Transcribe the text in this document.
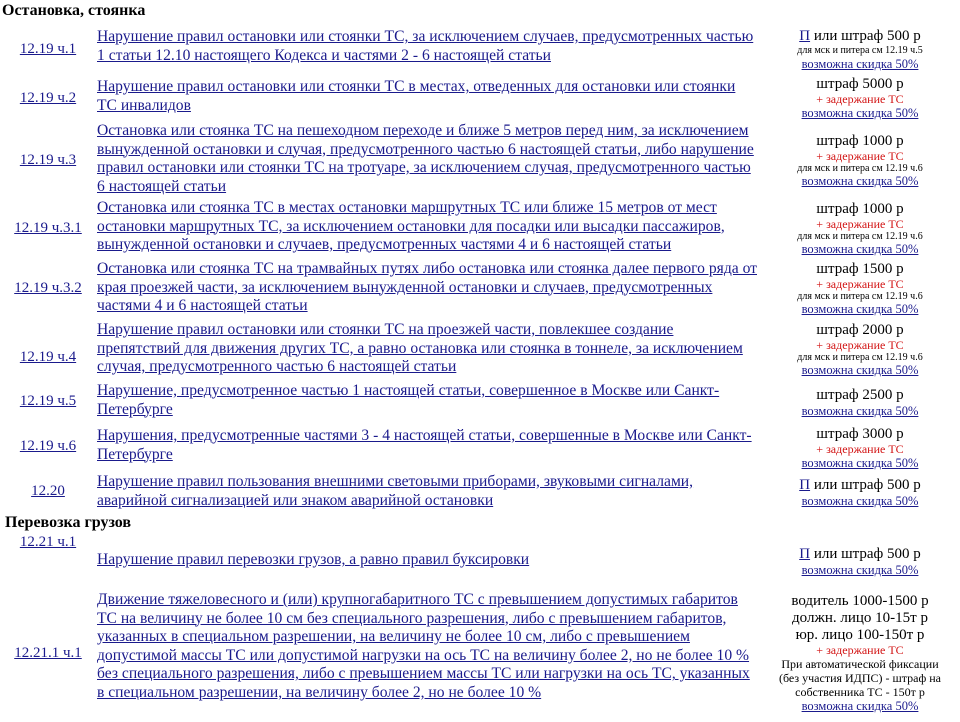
Остановка, стоянка
12.19 ч.1
Нарушение правил остановки или стоянки ТС, за исключением случаев, предусмотренных частью 1 статьи 12.10 настоящего Кодекса и частями 2 - 6 настоящей статьи
П или штраф 500 р
для мск и питера см 12.19 ч.5
возможна скидка 50%
12.19 ч.2
Нарушение правил остановки или стоянки ТС в местах, отведенных для остановки или стоянки ТС инвалидов
штраф 5000 р
+ задержание ТС
возможна скидка 50%
12.19 ч.3
Остановка или стоянка ТС на пешеходном переходе и ближе 5 метров перед ним, за исключением вынужденной остановки и случая, предусмотренного частью 6 настоящей статьи, либо нарушение правил остановки или стоянки ТС на тротуаре, за исключением случая, предусмотренного частью 6 настоящей статьи
штраф 1000 р
+ задержание ТС
для мск и питера см 12.19 ч.6
возможна скидка 50%
12.19 ч.3.1
Остановка или стоянка ТС в местах остановки маршрутных ТС или ближе 15 метров от мест остановки маршрутных ТС, за исключением остановки для посадки или высадки пассажиров, вынужденной остановки и случаев, предусмотренных частями 4 и 6 настоящей статьи
штраф 1000 р
+ задержание ТС
для мск и питера см 12.19 ч.6
возможна скидка 50%
12.19 ч.3.2
Остановка или стоянка ТС на трамвайных путях либо остановка или стоянка далее первого ряда от края проезжей части, за исключением вынужденной остановки и случаев, предусмотренных частями 4 и 6 настоящей статьи
штраф 1500 р
+ задержание ТС
для мск и питера см 12.19 ч.6
возможна скидка 50%
12.19 ч.4
Нарушение правил остановки или стоянки ТС на проезжей части, повлекшее создание препятствий для движения других ТС, а равно остановка или стоянка в тоннеле, за исключением случая, предусмотренного частью 6 настоящей статьи
штраф 2000 р
+ задержание ТС
для мск и питера см 12.19 ч.6
возможна скидка 50%
12.19 ч.5
Нарушение, предусмотренное частью 1 настоящей статьи, совершенное в Москве или Санкт-Петербурге
штраф 2500 р
возможна скидка 50%
12.19 ч.6
Нарушения, предусмотренные частями 3 - 4 настоящей статьи, совершенные в Москве или Санкт-Петербурге
штраф 3000 р
+ задержание ТС
возможна скидка 50%
12.20
Нарушение правил пользования внешними световыми приборами, звуковыми сигналами, аварийной сигнализацией или знаком аварийной остановки
П или штраф 500 р
возможна скидка 50%
Перевозка грузов
12.21 ч.1
Нарушение правил перевозки грузов, а равно правил буксировки	П или штраф 500 р
возможна скидка 50%
12.21.1 ч.1
Движение тяжеловесного и (или) крупногабаритного ТС с превышением допустимых габаритов ТС на величину не более 10 см без специального разрешения, либо с превышением габаритов, указанных в специальном разрешении, на величину не более 10 см, либо с превышением допустимой массы ТС или допустимой нагрузки на ось ТС на величину более 2, но не более 10 % без специального разрешения, либо с превышением массы ТС или нагрузки на ось ТС, указанных в специальном разрешении, на величину более 2, но не более 10 %
водитель 1000-1500 р
должн. лицо 10-15т р
юр. лицо 100-150т р
+ задержание ТС
При автоматической фиксации (без участия ИДПС) - штраф на собственника ТС - 150т р
возможна скидка 50%
